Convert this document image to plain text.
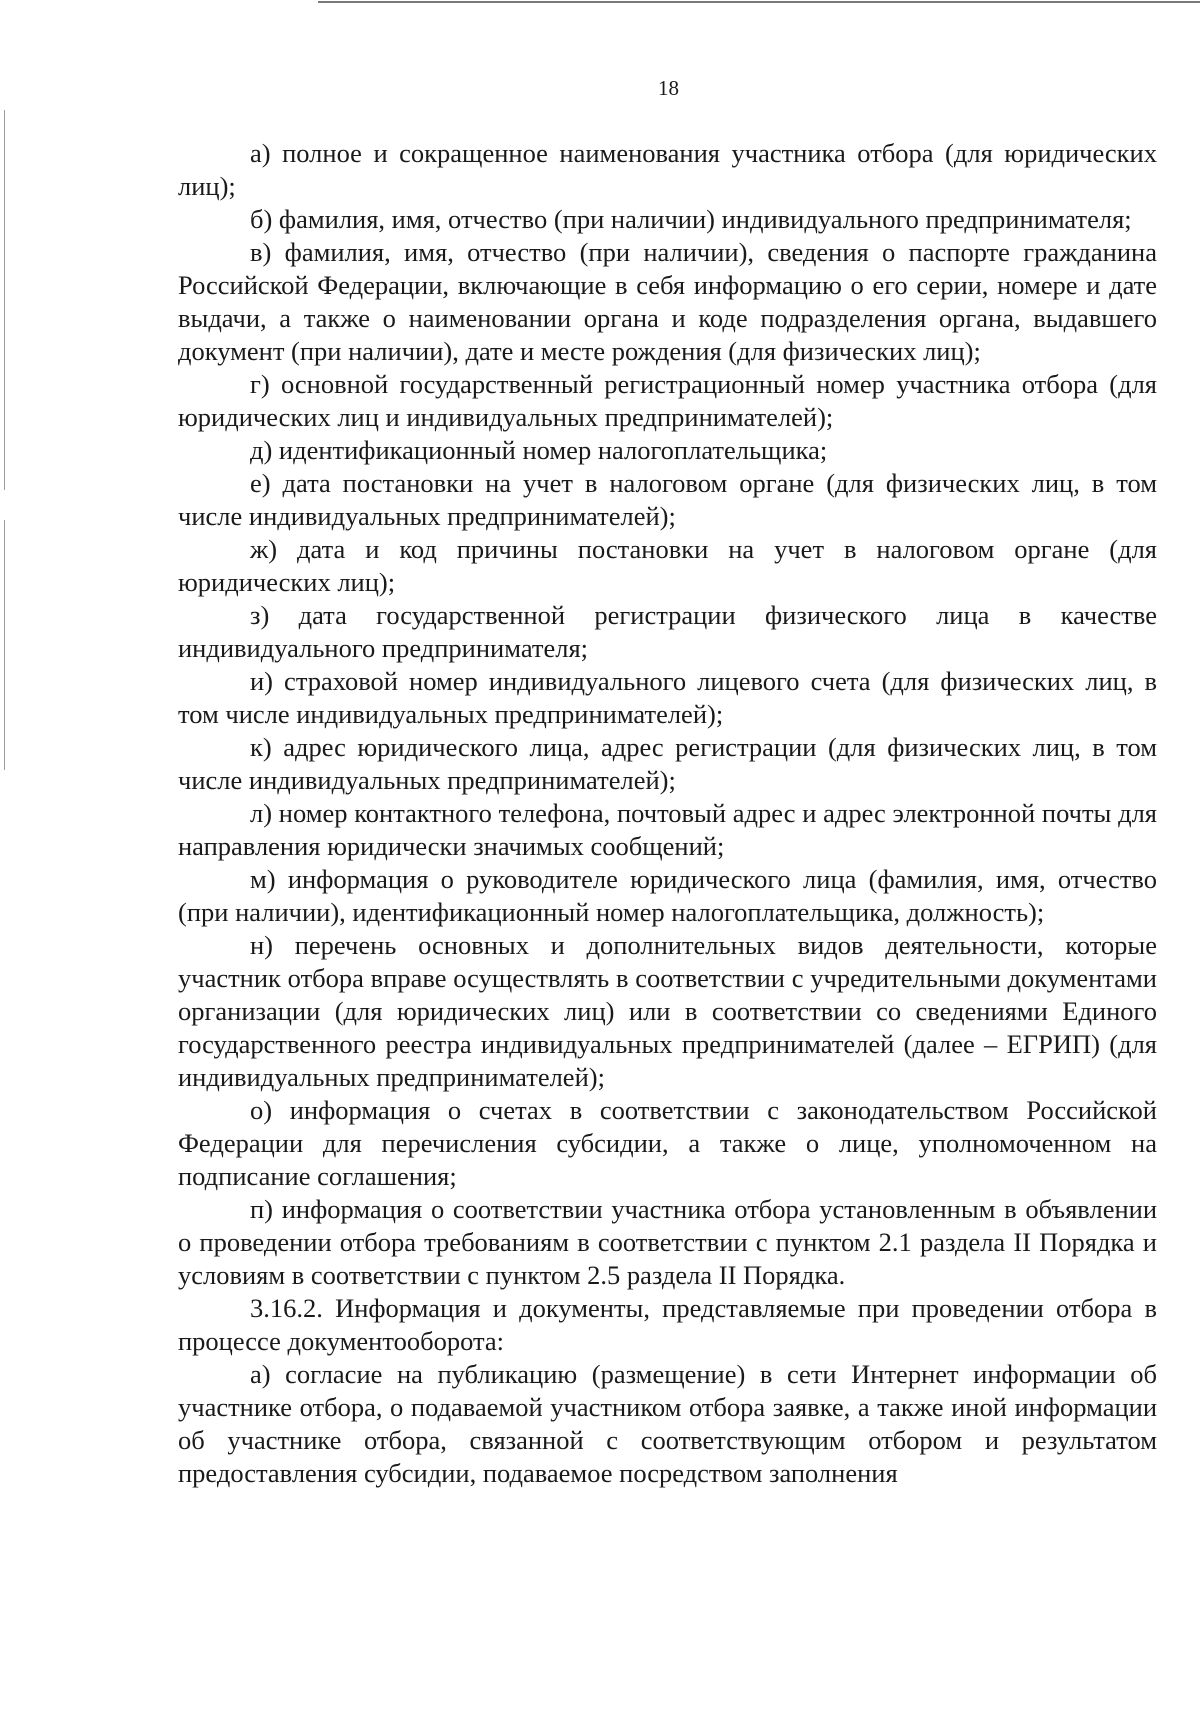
18

а) полное и сокращенное наименования участника отбора (для юридических лиц);

б) фамилия, имя, отчество (при наличии) индивидуального предпринимателя;

в) фамилия, имя, отчество (при наличии), сведения о паспорте гражданина Российской Федерации, включающие в себя информацию о его серии, номере и дате выдачи, а также о наименовании органа и коде подразделения органа, выдавшего документ (при наличии), дате и месте рождения (для физических лиц);

г) основной государственный регистрационный номер участника отбора (для юридических лиц и индивидуальных предпринимателей);

д) идентификационный номер налогоплательщика;

е) дата постановки на учет в налоговом органе (для физических лиц, в том числе индивидуальных предпринимателей);

ж) дата и код причины постановки на учет в налоговом органе (для юридических лиц);

з) дата государственной регистрации физического лица в качестве индивидуального предпринимателя;

и) страховой номер индивидуального лицевого счета (для физических лиц, в том числе индивидуальных предпринимателей);

к) адрес юридического лица, адрес регистрации (для физических лиц, в том числе индивидуальных предпринимателей);

л) номер контактного телефона, почтовый адрес и адрес электронной почты для направления юридически значимых сообщений;

м) информация о руководителе юридического лица (фамилия, имя, отчество (при наличии), идентификационный номер налогоплательщика, должность);

н) перечень основных и дополнительных видов деятельности, которые участник отбора вправе осуществлять в соответствии с учредительными документами организации (для юридических лиц) или в соответствии со сведениями Единого государственного реестра индивидуальных предпринимателей (далее – ЕГРИП) (для индивидуальных предпринимателей);

о) информация о счетах в соответствии с законодательством Российской Федерации для перечисления субсидии, а также о лице, уполномоченном на подписание соглашения;

п) информация о соответствии участника отбора установленным в объявлении о проведении отбора требованиям в соответствии с пунктом 2.1 раздела II Порядка и условиям в соответствии с пунктом 2.5 раздела II Порядка.

3.16.2. Информация и документы, представляемые при проведении отбора в процессе документооборота:

а) согласие на публикацию (размещение) в сети Интернет информации об участнике отбора, о подаваемой участником отбора заявке, а также иной информации об участнике отбора, связанной с соответствующим отбором и результатом предоставления субсидии, подаваемое посредством заполнения
